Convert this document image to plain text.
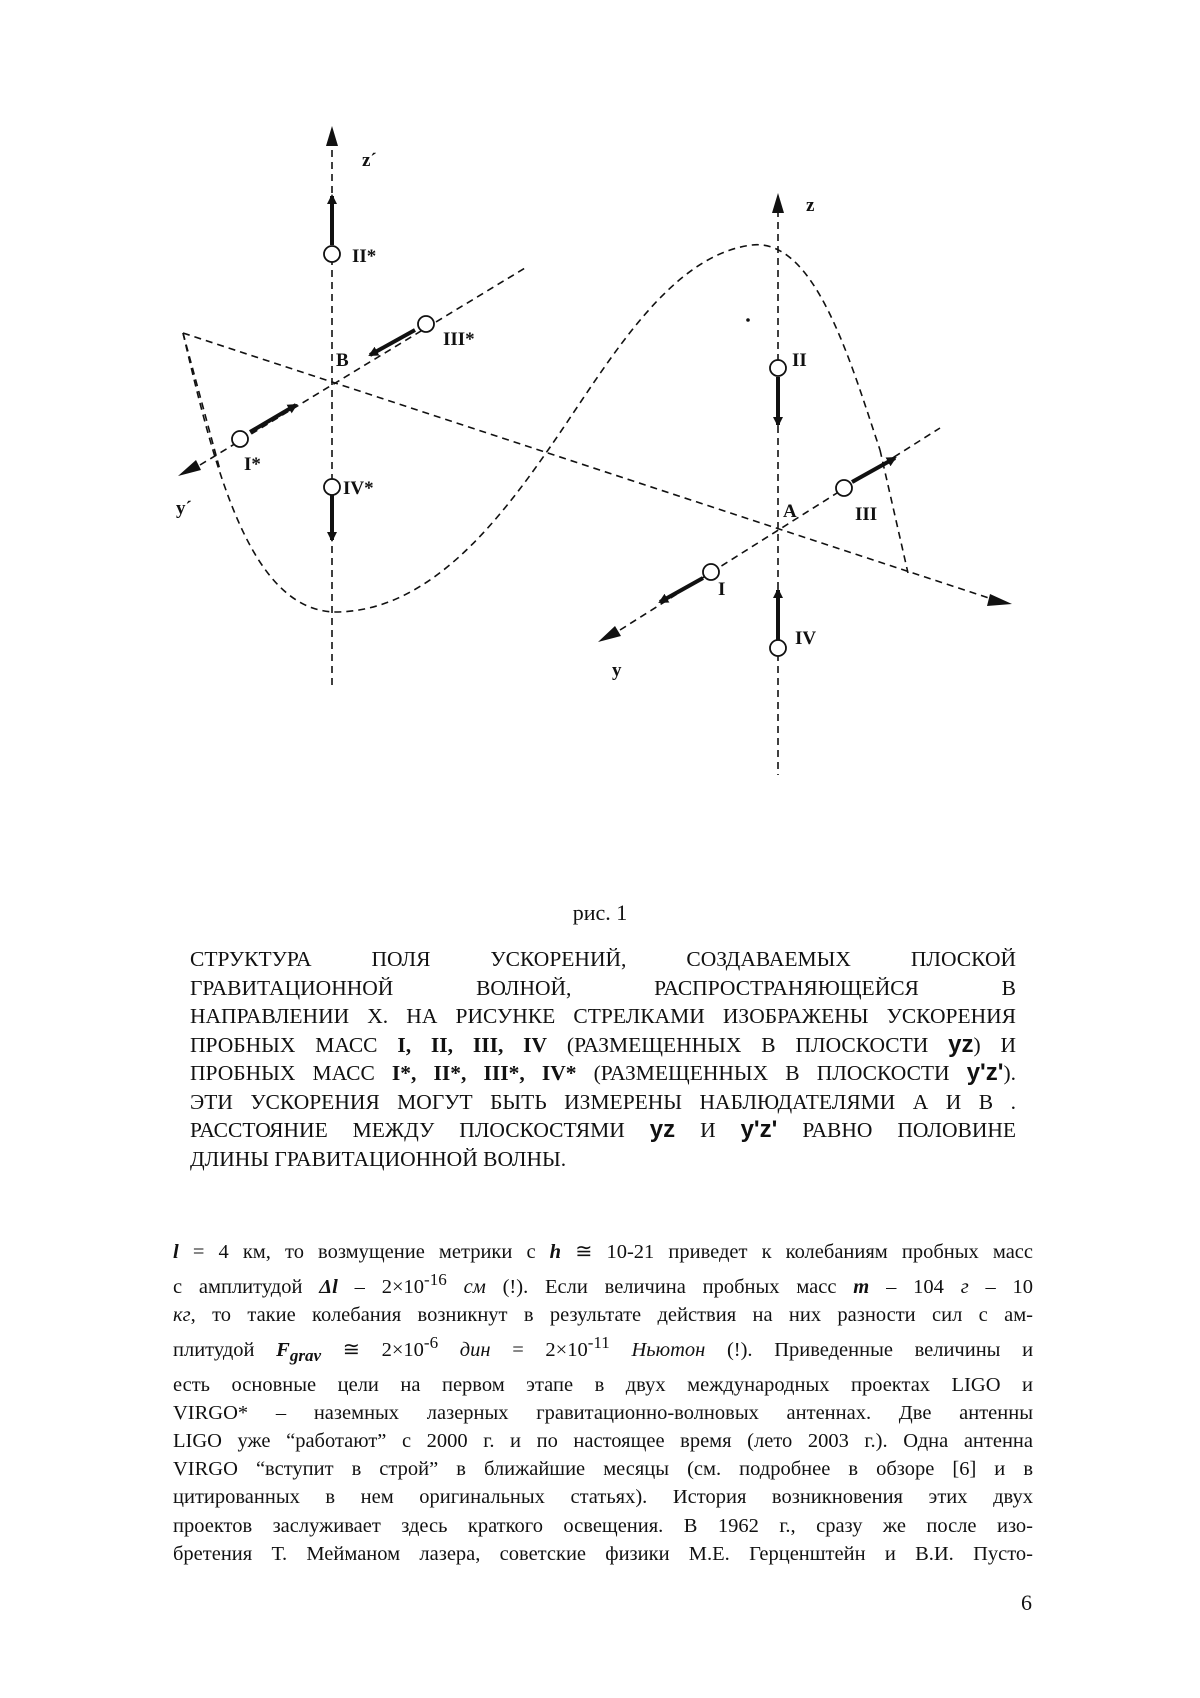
z´
z
y´
y
B
A
II*
III*
I*
IV*
II
III
I
IV
рис. 1
СТРУКТУРА ПОЛЯ УСКОРЕНИЙ, СОЗДАВАЕМЫХ ПЛОСКОЙ
ГРАВИТАЦИОННОЙ ВОЛНОЙ, РАСПРОСТРАНЯЮЩЕЙСЯ В
НАПРАВЛЕНИИ X. НА РИСУНКЕ СТРЕЛКАМИ ИЗОБРАЖЕНЫ УСКОРЕНИЯ
ПРОБНЫХ МАСС I, II, III, IV (РАЗМЕЩЕННЫХ В ПЛОСКОСТИ yz) И
ПРОБНЫХ МАСС I*, II*, III*, IV* (РАЗМЕЩЕННЫХ В ПЛОСКОСТИ y'z').
ЭТИ УСКОРЕНИЯ МОГУТ БЫТЬ ИЗМЕРЕНЫ НАБЛЮДАТЕЛЯМИ А И В .
РАССТОЯНИЕ МЕЖДУ ПЛОСКОСТЯМИ yz И y'z' РАВНО ПОЛОВИНЕ
ДЛИНЫ ГРАВИТАЦИОННОЙ ВОЛНЫ.
l = 4 км, то возмущение метрики с h ≅ 10-21 приведет к колебаниям пробных масс
с амплитудой $\Delta l - 2\times 10^{-16}$ см (!). Если величина пробных масс m – 104 г – 10
кг, то такие колебания возникнут в результате действия на них разности сил с ам-
плитудой $F_{grav}$ ≅ $2\times 10^{-6}$ дин = $2\times 10^{-11}$ Ньютон (!). Приведенные величины и
есть основные цели на первом этапе в двух международных проектах LIGO и
VIRGO* – наземных лазерных гравитационно-волновых антеннах. Две антенны
LIGO уже “работают” с 2000 г. и по настоящее время (лето 2003 г.). Одна антенна
VIRGO “вступит в строй” в ближайшие месяцы (см. подробнее в обзоре [6] и в
цитированных в нем оригинальных статьях). История возникновения этих двух
проектов заслуживает здесь краткого освещения. В 1962 г., сразу же после изо-
бретения Т. Мейманом лазера, советские физики М.Е. Герценштейн и В.И. Пусто-
6
